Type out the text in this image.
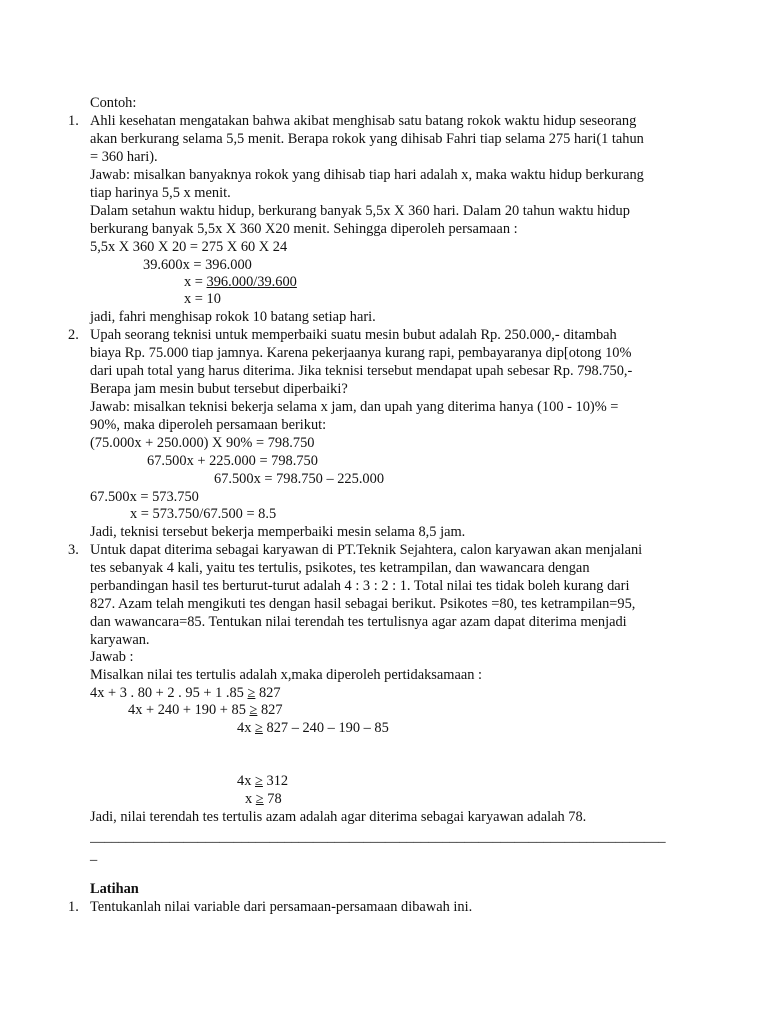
Contoh:
1. Ahli kesehatan mengatakan bahwa akibat menghisab satu batang rokok waktu hidup seseorang
akan berkurang selama 5,5 menit. Berapa rokok yang dihisab Fahri tiap selama 275 hari(1 tahun
= 360 hari).
Jawab: misalkan banyaknya rokok yang dihisab tiap hari adalah x, maka waktu hidup berkurang
tiap harinya 5,5 x menit.
Dalam setahun waktu hidup, berkurang banyak 5,5x X 360 hari. Dalam 20 tahun waktu hidup
berkurang banyak 5,5x X 360 X20 menit. Sehingga diperoleh persamaan :
5,5x X 360 X 20 = 275 X 60 X 24
39.600x = 396.000
x = 396.000/39.600
x = 10
jadi, fahri menghisap rokok 10 batang setiap hari.
2. Upah seorang teknisi untuk memperbaiki suatu mesin bubut adalah Rp. 250.000,- ditambah
biaya Rp. 75.000 tiap jamnya. Karena pekerjaanya kurang rapi, pembayaranya dip[otong 10%
dari upah total yang harus diterima. Jika teknisi tersebut mendapat upah sebesar Rp. 798.750,-
Berapa jam mesin bubut tersebut diperbaiki?
Jawab: misalkan teknisi bekerja selama x jam, dan upah yang diterima hanya (100 - 10)% =
90%, maka diperoleh persamaan berikut:
(75.000x + 250.000) X 90% = 798.750
67.500x + 225.000 = 798.750
67.500x = 798.750 – 225.000
67.500x = 573.750
x = 573.750/67.500 = 8.5
Jadi, teknisi tersebut bekerja memperbaiki mesin selama 8,5 jam.
3. Untuk dapat diterima sebagai karyawan di PT.Teknik Sejahtera, calon karyawan akan menjalani
tes sebanyak 4 kali, yaitu tes tertulis, psikotes, tes ketrampilan, dan wawancara dengan
perbandingan hasil tes berturut-turut adalah 4 : 3 : 2 : 1. Total nilai tes tidak boleh kurang dari
827. Azam telah mengikuti tes dengan hasil sebagai berikut. Psikotes =80, tes ketrampilan=95,
dan wawancara=85. Tentukan nilai terendah tes tertulisnya agar azam dapat diterima menjadi
karyawan.
Jawab :
Misalkan nilai tes tertulis adalah x,maka diperoleh pertidaksamaan :
4x + 3 . 80 + 2 . 95 + 1 .85 ≥ 827
4x + 240 + 190 + 85 ≥ 827
4x ≥ 827 – 240 – 190 – 85
4x ≥ 312
x ≥ 78
Jadi, nilai terendah tes tertulis azam adalah agar diterima sebagai karyawan adalah 78.
________________________________________________________________________________
_
Latihan
1. Tentukanlah nilai variable dari persamaan-persamaan dibawah ini.
